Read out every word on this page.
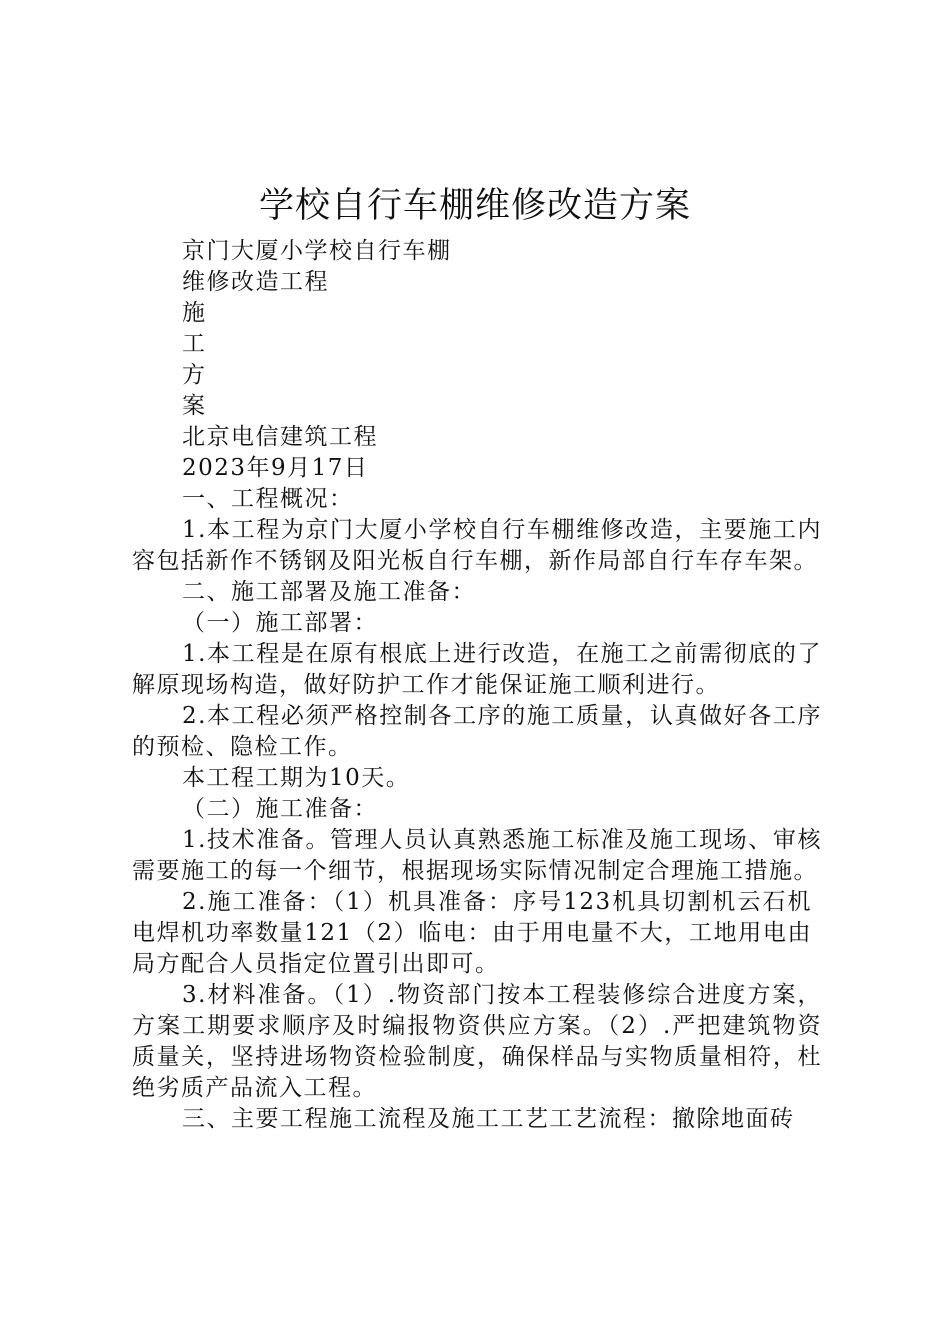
学校自行车棚维修改造方案

京门大厦小学校自行车棚

维修改造工程

施

工

方

案

北京电信建筑工程

2023年9月17日

一、工程概况：

1.本工程为京门大厦小学校自行车棚维修改造，主要施工内容包括新作不锈钢及阳光板自行车棚，新作局部自行车存车架。

二、施工部署及施工准备：

（一）施工部署：

1.本工程是在原有根底上进行改造，在施工之前需彻底的了解原现场构造，做好防护工作才能保证施工顺利进行。

2.本工程必须严格控制各工序的施工质量，认真做好各工序的预检、隐检工作。

本工程工期为10天。

（二）施工准备：

1.技术准备。管理人员认真熟悉施工标准及施工现场、审核需要施工的每一个细节，根据现场实际情况制定合理施工措施。

2.施工准备：（1）机具准备：序号123机具切割机云石机电焊机功率数量121（2）临电：由于用电量不大，工地用电由局方配合人员指定位置引出即可。

3.材料准备。（1）.物资部门按本工程装修综合进度方案，方案工期要求顺序及时编报物资供应方案。（2）.严把建筑物资质量关，坚持进场物资检验制度，确保样品与实物质量相符，杜绝劣质产品流入工程。

三、主要工程施工流程及施工工艺工艺流程：撤除地面砖
